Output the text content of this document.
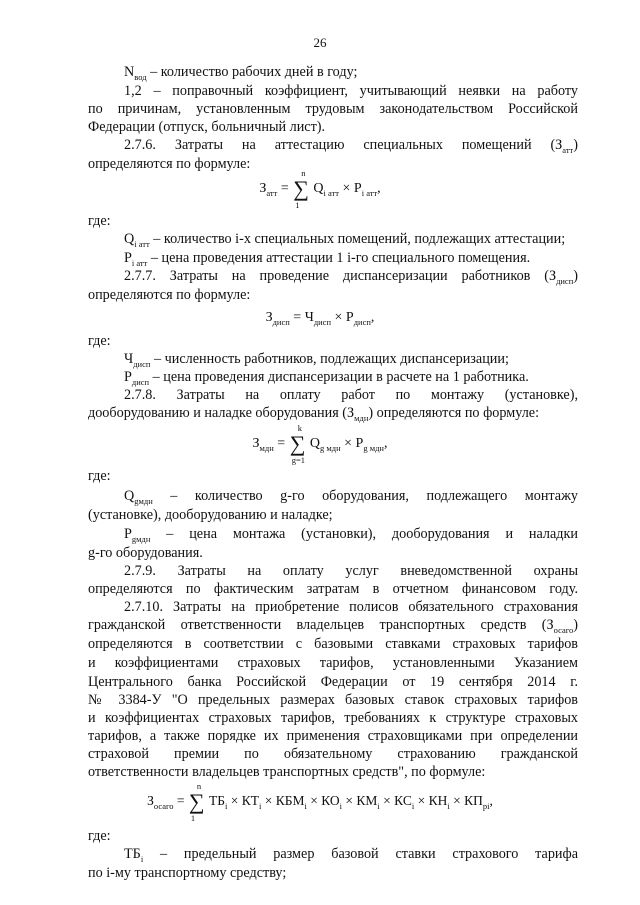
26
$N_{вод}$ – количество рабочих дней в году;
1,2 – поправочный коэффициент, учитывающий неявки на работу
по причинам, установленным трудовым законодательством Российской
Федерации (отпуск, больничный лист).
2.7.6. Затраты на аттестацию специальных помещений $(З_{атт})$
определяются по формуле:
$З_{атт}$ =
n
∑
1
$Q_{i атт} \times P_{i атт}$,
где:
$Q_{i атт}$ – количество i-х специальных помещений, подлежащих аттестации;
$P_{i атт}$ – цена проведения аттестации 1 i-го специального помещения.
2.7.7. Затраты на проведение диспансеризации работников $(З_{дисп})$
определяются по формуле:
$З_{дисп} = Ч_{дисп} \times P_{дисп}$,
где:
$Ч_{дисп}$ – численность работников, подлежащих диспансеризации;
$P_{дисп}$ – цена проведения диспансеризации в расчете на 1 работника.
2.7.8. Затраты на оплату работ по монтажу (установке),
дооборудованию и наладке оборудования $(З_{мдн})$ определяются по формуле:
$З_{мдн}$ =
k
∑
g=1
$Q_{g мдн} \times P_{g мдн}$,
где:
$Q_{gмдн}$ – количество g-го оборудования, подлежащего монтажу
(установке), дооборудованию и наладке;
$P_{gмдн}$ – цена монтажа (установки), дооборудования и наладки
g-го оборудования.
2.7.9. Затраты на оплату услуг вневедомственной охраны
определяются по фактическим затратам в отчетном финансовом году.
2.7.10. Затраты на приобретение полисов обязательного страхования
гражданской ответственности владельцев транспортных средств $(З_{осаго})$
определяются в соответствии с базовыми ставками страховых тарифов
и коэффициентами страховых тарифов, установленными Указанием
Центрального банка Российской Федерации от 19 сентября 2014 г.
№ 3384-У "О предельных размерах базовых ставок страховых тарифов
и коэффициентах страховых тарифов, требованиях к структуре страховых
тарифов, а также порядке их применения страховщиками при определении
страховой премии по обязательному страхованию гражданской
ответственности владельцев транспортных средств", по формуле:
$З_{осаго}$ =
n
∑
1
$ТБ_i \times КТ_i \times КБМ_i \times КО_i \times КМ_i \times КС_i \times КН_i \times КП_{pi}$,
где:
$ТБ_i$ – предельный размер базовой ставки страхового тарифа
по i-му транспортному средству;
